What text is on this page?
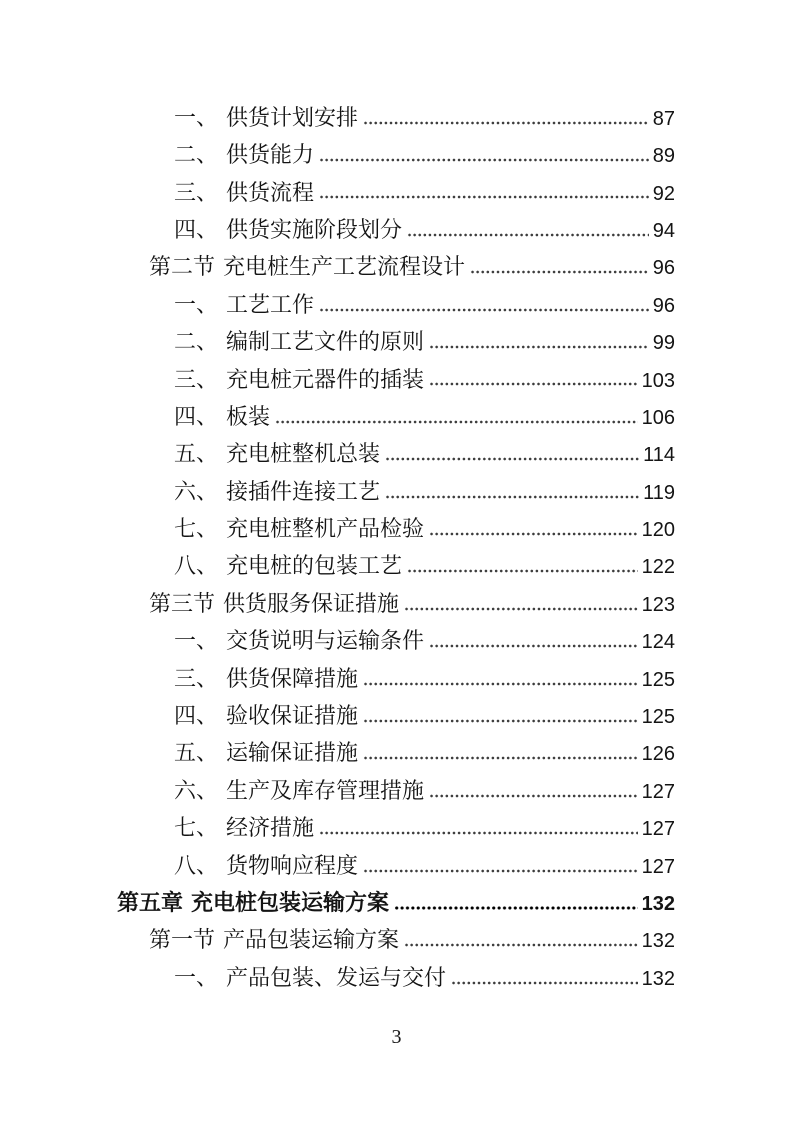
一、 供货计划安排	87
二、 供货能力	89
三、 供货流程	92
四、 供货实施阶段划分	94
第二节 充电桩生产工艺流程设计	96
一、 工艺工作	96
二、 编制工艺文件的原则	99
三、 充电桩元器件的插装	103
四、 板装	106
五、 充电桩整机总装	114
六、 接插件连接工艺	119
七、 充电桩整机产品检验	120
八、 充电桩的包装工艺	122
第三节 供货服务保证措施	123
一、 交货说明与运输条件	124
三、 供货保障措施	125
四、 验收保证措施	125
五、 运输保证措施	126
六、 生产及库存管理措施	127
七、 经济措施	127
八、 货物响应程度	127
第五章 充电桩包装运输方案	132
第一节 产品包装运输方案	132
一、 产品包装、发运与交付	132
3
